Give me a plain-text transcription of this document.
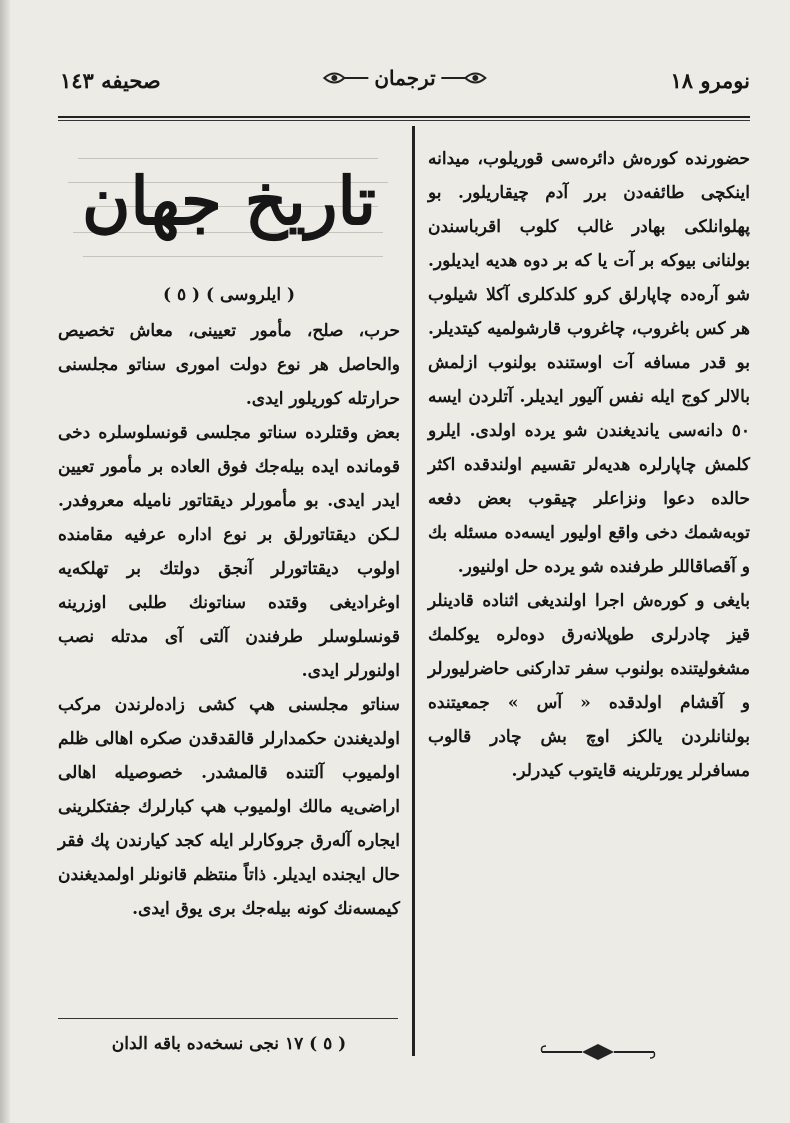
نومرو ١٨
ترجمان
صحیفه ١٤٣
تاریخ جهان
( ایلروسی ) ( ٥ )

حرب، صلح، مأمور تعیینی، معاش تخصیص والحاصل هر نوع دولت اموری سناتو مجلسنی حرارتله کوریلور ایدی.

بعض وقتلرده سناتو مجلسی قونسلوسلره دخی قومانده ایده بیله‌جك فوق العاده بر مأمور تعیین ایدر ایدی. بو مأمورلر دیقتاتور نامیله معروفدر. لـکن دیقتاتورلق بر نوع اداره عرفیه مقامنده اولوب دیقتاتورلر آنجق دولتك بر تهلکه‌یه اوغرادیغی وقتده سناتونك طلبی اوزرینه قونسلوسلر طرفندن آلتی آی مدتله نصب اولنورلر ایدی.

سناتو مجلسنی هپ کشی زاده‌لرندن مرکب اولدیغندن حکمدارلر قالقدقدن صکره اهالی ظلم اولمیوب آلتنده قالمشدر. خصوصیله اهالی اراضی‌یه مالك اولمیوب هپ کبارلرك جفتکلرینی ایجاره آله‌رق جروکارلر ایله کجد کیارندن پك فقر حال ایجنده ایدیلر. ذاتاً منتظم قانونلر اولمدیغندن کیمسه‌نك کونه بیله‌جك بری یوق ایدی.

( ٥ ) ١٧ نجی نسخه‌ده باقه الدان

حضورنده کوره‌ش دائره‌سی قوریلوب، میدانه اینکچی طائفه‌دن برر آدم چیقاریلور. بو پهلوانلکی بهادر غالب کلوب اقرباسندن بولنانی بیوکه بر آت یا که بر دوه هدیه ایدیلور. شو آره‌ده چاپارلق کرو کلدکلری آکلا شیلوب هر کس باغروب، چاغروب قارشولمیه کیتدیلر. بو قدر مسافه آت اوستنده بولنوب ازلمش بالالر کوج ایله نفس آلیور ایدیلر. آتلردن ایسه ٥٠ دانه‌سی یاندیغندن شو یرده اولدی. ایلرو کلمش چاپارلره هدیه‌لر تقسیم اولندقده اکثر حالده دعوا ونزاعلر چیقوب بعض دفعه توبه‌شمك دخی واقع اولیور ایسه‌ده مسئله بك و آقصاقاللر طرفنده شو یرده حل اولنیور.

بایغی و کوره‌ش اجرا اولندیغی اثناده قادینلر قیز چادرلری طوپلانه‌رق دوه‌لره یوکلمك مشغولیتنده بولنوب سفر تدارکنی حاضرلیورلر و آقشام اولدقده « آس » جمعیتنده بولنانلردن یالکز اوچ بش چادر قالوب مسافرلر یورتلرینه قایتوب کیدرلر.
